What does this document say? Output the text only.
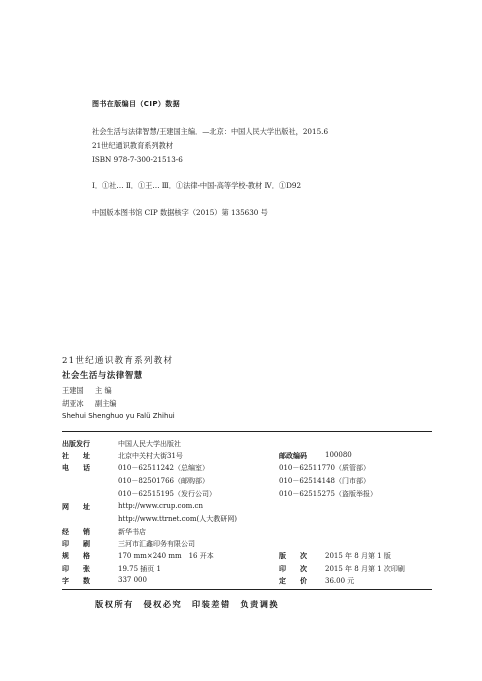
图书在版编目（CIP）数据
社会生活与法律智慧/王建国主编．—北京：中国人民大学出版社，2015.6
21世纪通识教育系列教材
ISBN 978-7-300-21513-6
Ⅰ．①社… Ⅱ．①王… Ⅲ．①法律-中国-高等学校-教材 Ⅳ．①D92
中国版本图书馆 CIP 数据核字（2015）第 135630 号
21世纪通识教育系列教材
社会生活与法律智慧
王建国 主 编
胡亚冰 副主编
Shehui Shenghuo yu Falü Zhihui
出版发行	中国人民大学出版社
社　　址	北京中关村大街31号	邮政编码	100080
电　　话	010－62511242（总编室）	010－62511770（质管部）
010－82501766（邮购部）	010－62514148（门市部）
010－62515195（发行公司）	010－62515275（盗版举报）
网　　址	http://www.crup.com.cn
http://www.ttrnet.com(人大教研网)
经　　销	新华书店
印　　刷	三河市汇鑫印务有限公司
规　　格	170 mm×240 mm　16 开本	版　　次	2015 年 8 月第 1 版
印　　张	19.75 插页 1	印　　次	2015 年 8 月第 1 次印刷
字　　数	337 000	定　　价	36.00 元
版权所有　侵权必究　印装差错　负责调换
